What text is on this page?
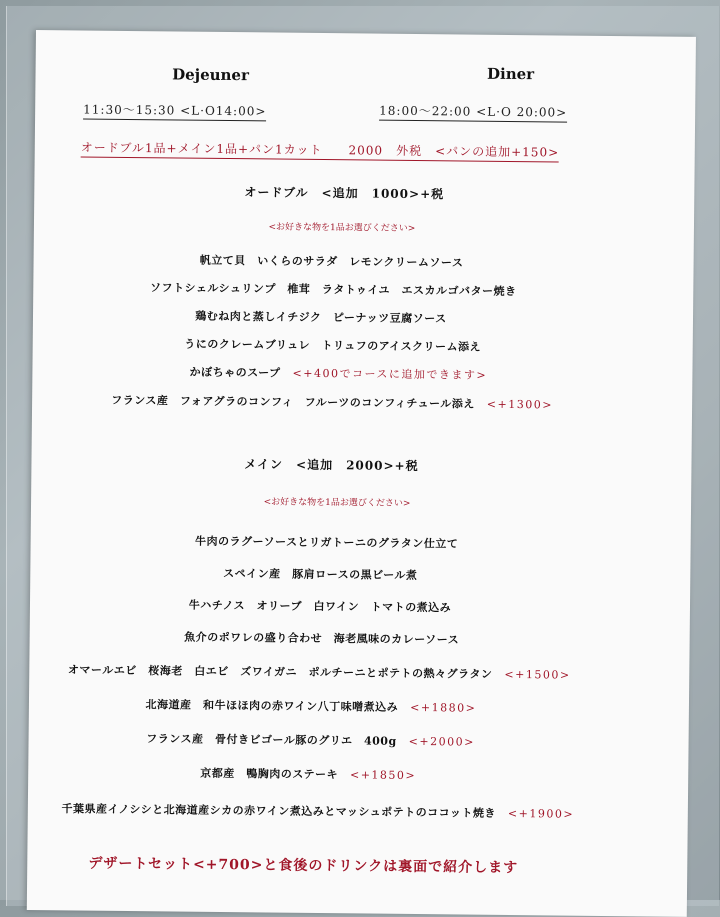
Dejeuner	Diner
11:30〜15:30 <L·O14:00>	18:00〜22:00 <L·O 20:00>
オードブル1品+メイン1品+パン1カット　　2000　外税　<パンの追加+150>
オードブル　<追加　1000>+税
<お好きな物を1品お選びください>
帆立て貝　いくらのサラダ　レモンクリームソース
ソフトシェルシュリンプ　椎茸　ラタトゥイユ　エスカルゴバター焼き
鶏むね肉と蒸しイチジク　ピーナッツ豆腐ソース
うにのクレームブリュレ　トリュフのアイスクリーム添え
かぼちゃのスープ <+400でコースに追加できます>
フランス産　フォアグラのコンフィ　フルーツのコンフィチュール添え <+1300>
メイン　<追加　2000>+税
<お好きな物を1品お選びください>
牛肉のラグーソースとリガトーニのグラタン仕立て
スペイン産　豚肩ロースの黒ビール煮
牛ハチノス　オリーブ　白ワイン　トマトの煮込み
魚介のポワレの盛り合わせ　海老風味のカレーソース
オマールエビ　桜海老　白エビ　ズワイガニ　ポルチーニとポテトの熱々グラタン <+1500>
北海道産　和牛ほほ肉の赤ワイン八丁味噌煮込み <+1880>
フランス産　骨付きビゴール豚のグリエ　400g <+2000>
京都産　鴨胸肉のステーキ <+1850>
千葉県産イノシシと北海道産シカの赤ワイン煮込みとマッシュポテトのココット焼き <+1900>
デザートセット<+700>と食後のドリンクは裏面で紹介します
